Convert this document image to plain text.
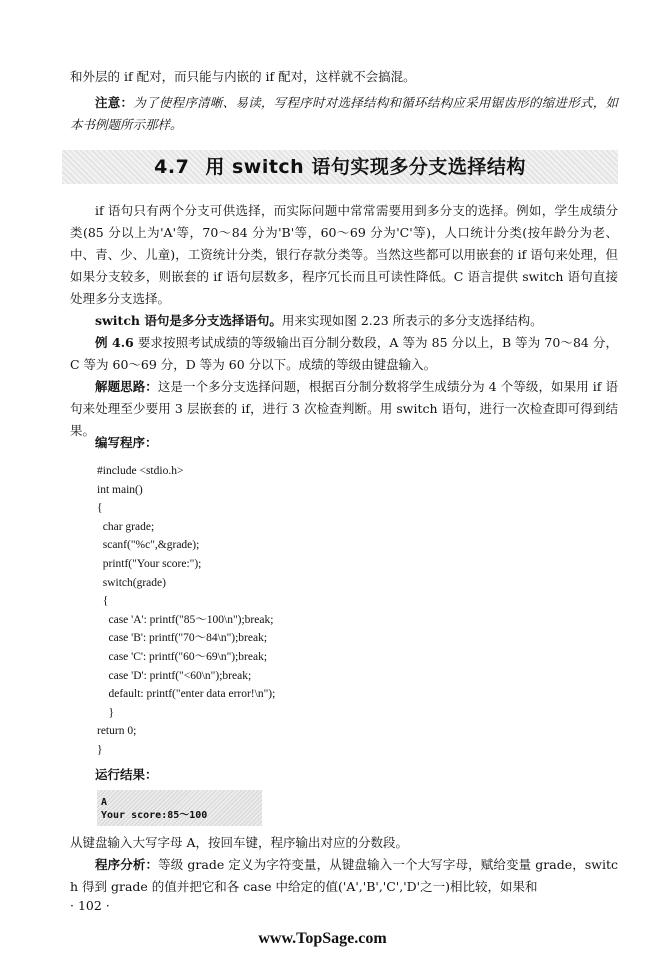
和外层的 if 配对，而只能与内嵌的 if 配对，这样就不会搞混。

注意：为了使程序清晰、易读，写程序时对选择结构和循环结构应采用锯齿形的缩进形式，如本书例题所示那样。

4.7 用 switch 语句实现多分支选择结构

if 语句只有两个分支可供选择，而实际问题中常常需要用到多分支的选择。例如，学生成绩分类(85 分以上为'A'等，70～84 分为'B'等，60～69 分为'C'等)，人口统计分类(按年龄分为老、中、青、少、儿童)，工资统计分类，银行存款分类等。当然这些都可以用嵌套的 if 语句来处理，但如果分支较多，则嵌套的 if 语句层数多，程序冗长而且可读性降低。C 语言提供 switch 语句直接处理多分支选择。

switch 语句是多分支选择语句。用来实现如图 2.23 所表示的多分支选择结构。

例 4.6 要求按照考试成绩的等级输出百分制分数段，A 等为 85 分以上，B 等为 70～84 分，C 等为 60～69 分，D 等为 60 分以下。成绩的等级由键盘输入。

解题思路：这是一个多分支选择问题，根据百分制分数将学生成绩分为 4 个等级，如果用 if 语句来处理至少要用 3 层嵌套的 if，进行 3 次检查判断。用 switch 语句，进行一次检查即可得到结果。

编写程序：

#include <stdio.h>
int main()
{
char grade;
scanf("%c",&grade);
printf("Your score:");
switch(grade)
{
case 'A': printf("85～100\n");break;
case 'B': printf("70～84\n");break;
case 'C': printf("60～69\n");break;
case 'D': printf("<60\n");break;
default: printf("enter data error!\n");
}
return 0;
}

运行结果：

A
Your score:85～100

从键盘输入大写字母 A，按回车键，程序输出对应的分数段。

程序分析：等级 grade 定义为字符变量，从键盘输入一个大写字母，赋给变量 grade，switch 得到 grade 的值并把它和各 case 中给定的值('A','B','C','D'之一)相比较，如果和

· 102 ·
www.TopSage.com
